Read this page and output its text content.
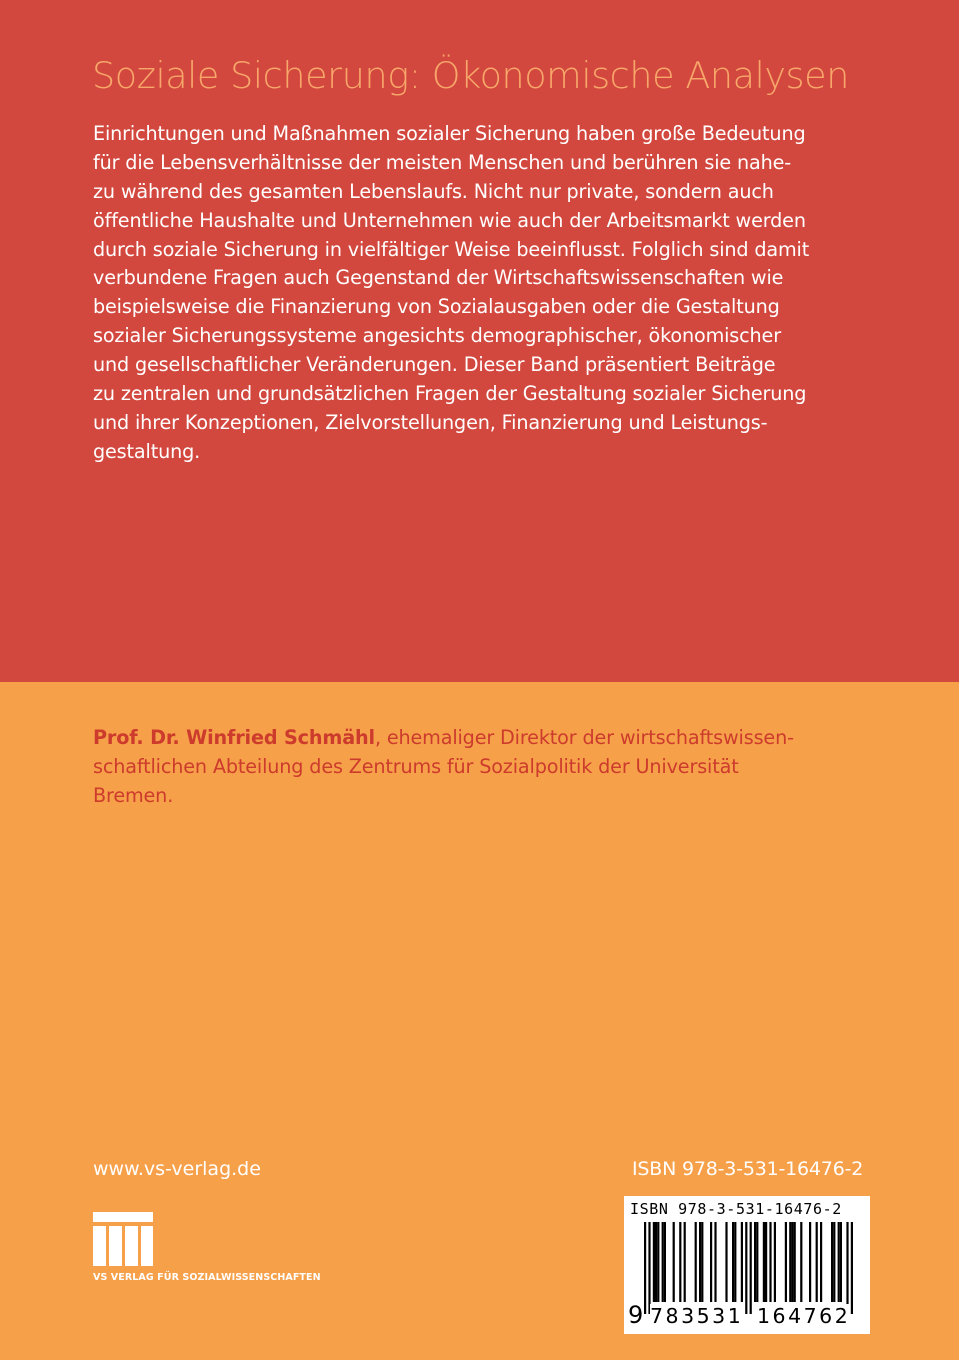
Soziale Sicherung: Ökonomische Analysen
Einrichtungen und Maßnahmen sozialer Sicherung haben große Bedeutung
für die Lebensverhältnisse der meisten Menschen und berühren sie nahe-
zu während des gesamten Lebenslaufs. Nicht nur private, sondern auch
öffentliche Haushalte und Unternehmen wie auch der Arbeitsmarkt werden
durch soziale Sicherung in vielfältiger Weise beeinflusst. Folglich sind damit
verbundene Fragen auch Gegenstand der Wirtschaftswissenschaften wie
beispielsweise die Finanzierung von Sozialausgaben oder die Gestaltung
sozialer Sicherungssysteme angesichts demographischer, ökonomischer
und gesellschaftlicher Veränderungen. Dieser Band präsentiert Beiträge
zu zentralen und grundsätzlichen Fragen der Gestaltung sozialer Sicherung
und ihrer Konzeptionen, Zielvorstellungen, Finanzierung und Leistungs-
gestaltung.
Prof. Dr. Winfried Schmähl, ehemaliger Direktor der wirtschaftswissen-
schaftlichen Abteilung des Zentrums für Sozialpolitik der Universität
Bremen.
www.vs-verlag.de	ISBN 978-3-531-16476-2
VS VERLAG FÜR SOZIALWISSENSCHAFTEN
ISBN 978-3-531-16476-2
9 783531 164762
